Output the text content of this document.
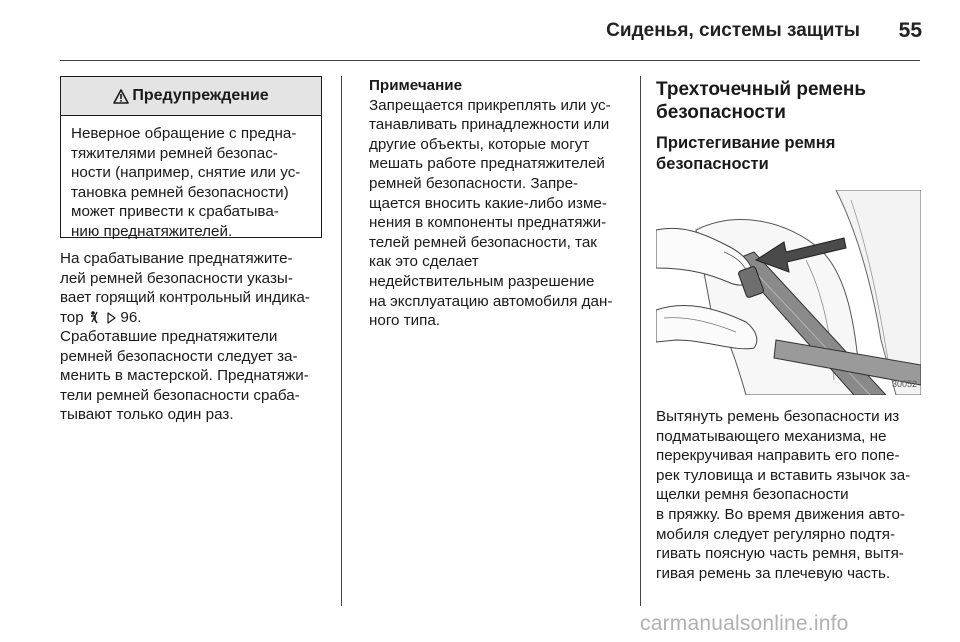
Сиденья, системы защиты	55
Предупреждение
Неверное обращение с предна-
тяжителями ремней безопас-
ности (например, снятие или ус-
тановка ремней безопасности)
может привести к срабатыва-
нию преднатяжителей.
На срабатывание преднатяжите-
лей ремней безопасности указы-
вает горящий контрольный индика-
тор 96.
Сработавшие преднатяжители
ремней безопасности следует за-
менить в мастерской. Преднатяжи-
тели ремней безопасности сраба-
тывают только один раз.
Примечание
Запрещается прикреплять или ус-
танавливать принадлежности или
другие объекты, которые могут
мешать работе преднатяжителей
ремней безопасности. Запре-
щается вносить какие-либо изме-
нения в компоненты преднатяжи-
телей ремней безопасности, так
как это сделает
недействительным разрешение
на эксплуатацию автомобиля дан-
ного типа.
Трехточечный ремень
безопасности
Пристегивание ремня
безопасности
30052
Вытянуть ремень безопасности из
подматывающего механизма, не
перекручивая направить его попе-
рек туловища и вставить язычок за-
щелки ремня безопасности
в пряжку. Во время движения авто-
мобиля следует регулярно подтя-
гивать поясную часть ремня, вытя-
гивая ремень за плечевую часть.
carmanualsonline.info
